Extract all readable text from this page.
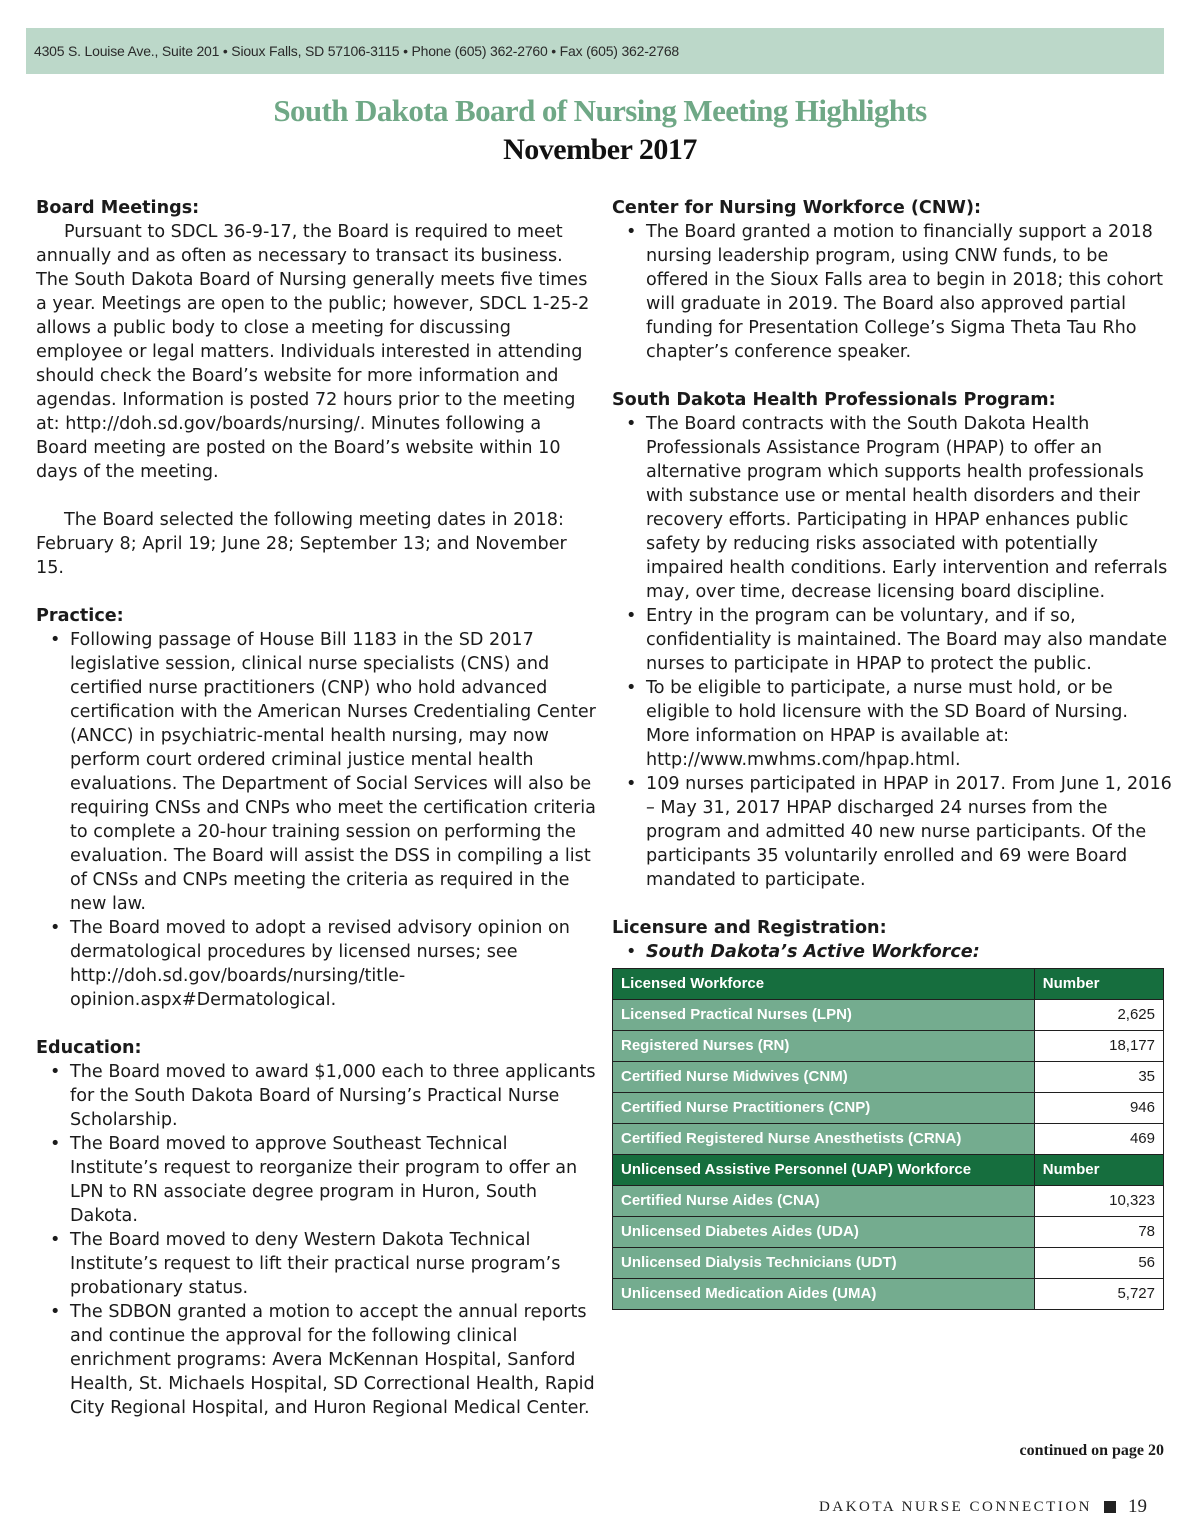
4305 S. Louise Ave., Suite 201 • Sioux Falls, SD 57106-3115 • Phone (605) 362-2760 • Fax (605) 362-2768
South Dakota Board of Nursing Meeting Highlights
November 2017

Board Meetings:

Pursuant to SDCL 36-9-17, the Board is required to meet annually and as often as necessary to transact its business. The South Dakota Board of Nursing generally meets five times a year. Meetings are open to the public; however, SDCL 1-25-2 allows a public body to close a meeting for discussing employee or legal matters. Individuals interested in attending should check the Board’s website for more information and agendas. Information is posted 72 hours prior to the meeting at: http://doh.sd.gov/boards/nursing/. Minutes following a Board meeting are posted on the Board’s website within 10 days of the meeting.

The Board selected the following meeting dates in 2018: February 8; April 19; June 28; September 13; and November 15.

Practice:

• Following passage of House Bill 1183 in the SD 2017 legislative session, clinical nurse specialists (CNS) and certified nurse practitioners (CNP) who hold advanced certification with the American Nurses Credentialing Center (ANCC) in psychiatric-mental health nursing, may now perform court ordered criminal justice mental health evaluations. The Department of Social Services will also be requiring CNSs and CNPs who meet the certification criteria to complete a 20-hour training session on performing the evaluation. The Board will assist the DSS in compiling a list of CNSs and CNPs meeting the criteria as required in the new law.
• The Board moved to adopt a revised advisory opinion on dermatological procedures by licensed nurses; see http://doh.sd.gov/boards/nursing/title-opinion.aspx#Dermatological.

Education:

• The Board moved to award $1,000 each to three applicants for the South Dakota Board of Nursing’s Practical Nurse Scholarship.
• The Board moved to approve Southeast Technical Institute’s request to reorganize their program to offer an LPN to RN associate degree program in Huron, South Dakota.
• The Board moved to deny Western Dakota Technical Institute’s request to lift their practical nurse program’s probationary status.
• The SDBON granted a motion to accept the annual reports and continue the approval for the following clinical enrichment programs: Avera McKennan Hospital, Sanford Health, St. Michaels Hospital, SD Correctional Health, Rapid City Regional Hospital, and Huron Regional Medical Center.

Center for Nursing Workforce (CNW):

• The Board granted a motion to financially support a 2018 nursing leadership program, using CNW funds, to be offered in the Sioux Falls area to begin in 2018; this cohort will graduate in 2019. The Board also approved partial funding for Presentation College’s Sigma Theta Tau Rho chapter’s conference speaker.

South Dakota Health Professionals Program:

• The Board contracts with the South Dakota Health Professionals Assistance Program (HPAP) to offer an alternative program which supports health professionals with substance use or mental health disorders and their recovery efforts. Participating in HPAP enhances public safety by reducing risks associated with potentially impaired health conditions. Early intervention and referrals may, over time, decrease licensing board discipline.
• Entry in the program can be voluntary, and if so, confidentiality is maintained. The Board may also mandate nurses to participate in HPAP to protect the public.
• To be eligible to participate, a nurse must hold, or be eligible to hold licensure with the SD Board of Nursing. More information on HPAP is available at: http://www.mwhms.com/hpap.html.
• 109 nurses participated in HPAP in 2017. From June 1, 2016 – May 31, 2017 HPAP discharged 24 nurses from the program and admitted 40 new nurse participants. Of the participants 35 voluntarily enrolled and 69 were Board mandated to participate.

Licensure and Registration:

• South Dakota’s Active Workforce:
Licensed Workforce	Number
Licensed Practical Nurses (LPN)	2,625
Registered Nurses (RN)	18,177
Certified Nurse Midwives (CNM)	35
Certified Nurse Practitioners (CNP)	946
Certified Registered Nurse Anesthetists (CRNA)	469
Unlicensed Assistive Personnel (UAP) Workforce	Number
Certified Nurse Aides (CNA)	10,323
Unlicensed Diabetes Aides (UDA)	78
Unlicensed Dialysis Technicians (UDT)	56
Unlicensed Medication Aides (UMA)	5,727
continued on page 20
DAKOTA NURSE CONNECTION 19
